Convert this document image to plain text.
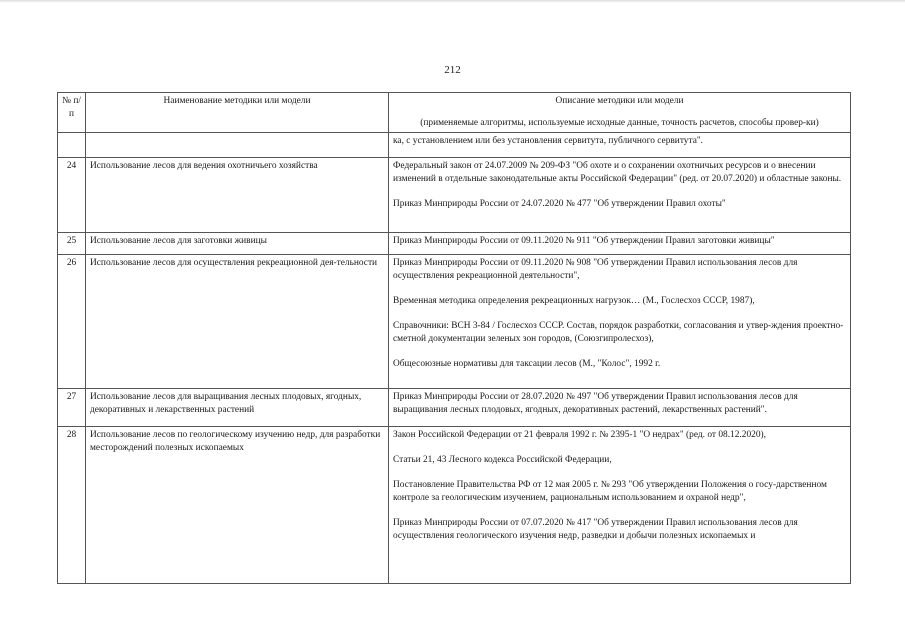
212
№ п/п	Наименование методики или модели	Описание методики или модели
(применяемые алгоритмы, используемые исходные данные, точность расчетов, способы провер-ки)

		ка, с установлением или без установления сервитута, публичного сервитута".
24	Использование лесов для ведения охотничьего хозяйства	Федеральный закон от 24.07.2009 № 209-ФЗ "Об охоте и о сохранении охотничьих ресурсов и о внесении изменений в отдельные законодательные акты Российской Федерации" (ред. от 20.07.2020) и областные законы.
Приказ Минприроды России от 24.07.2020 № 477 "Об утверждении Правил охоты"

25	Использование лесов для заготовки живицы	Приказ Минприроды России от 09.11.2020 № 911 "Об утверждении Правил заготовки живицы"

26	Использование лесов для осуществления рекреационной дея-тельности	Приказ Минприроды России от 09.11.2020 № 908 "Об утверждении Правил использования лесов для осуществления рекреационной деятельности",
Временная методика определения рекреационных нагрузок… (М., Гослесхоз СССР, 1987),
Справочники: ВСН 3-84 / Гослесхоз СССР. Состав, порядок разработки, согласования и утвер-ждения проектно-сметной документации зеленых зон городов, (Союзгипролесхоз),
Общесоюзные нормативы для таксации лесов (М., "Колос", 1992 г.

27	Использование лесов для выращивания лесных плодовых, ягодных, декоративных и лекарственных растений	Приказ Минприроды России от 28.07.2020 № 497 "Об утверждении Правил использования лесов для выращивания лесных плодовых, ягодных, декоративных растений, лекарственных растений".

28	Использование лесов по геологическому изучению недр, для разработки месторождений полезных ископаемых	Закон Российской Федерации от 21 февраля 1992 г. № 2395-1 "О недрах" (ред. от 08.12.2020),
Статьи 21, 43 Лесного кодекса Российской Федерации,
Постановление Правительства РФ от 12 мая 2005 г. № 293 "Об утверждении Положения о госу-дарственном контроле за геологическим изучением, рациональным использованием и охраной недр",
Приказ Минприроды России от 07.07.2020 № 417 "Об утверждении Правил использования лесов для осуществления геологического изучения недр, разведки и добычи полезных ископаемых и
